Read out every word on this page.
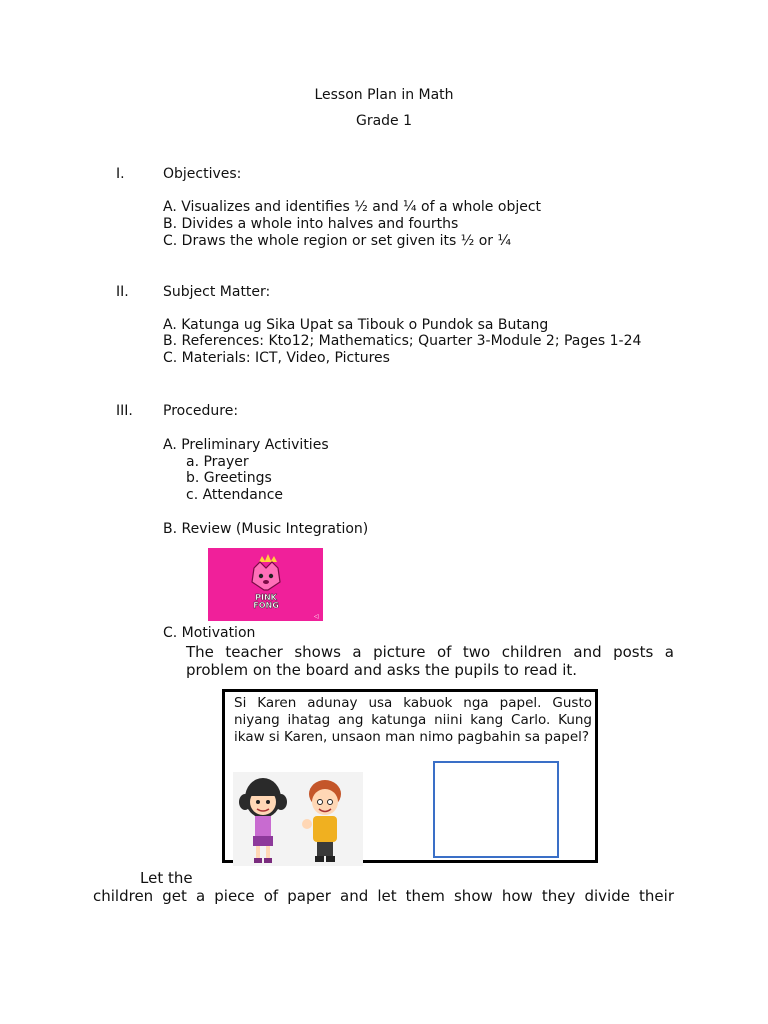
Lesson Plan in Math
Grade 1
I.	Objectives:
A. Visualizes and identifies ½ and ¼ of a whole object
B. Divides a whole into halves and fourths
C. Draws the whole region or set given its ½ or ¼
II. Subject Matter:
A. Katunga ug Sika Upat sa Tibouk o Pundok sa Butang
B. References: Kto12; Mathematics; Quarter 3-Module 2; Pages 1-24
C. Materials: ICT, Video, Pictures
III. Procedure:
A. Preliminary Activities
a. Prayer
b. Greetings
c. Attendance
B. Review (Music Integration)
PINK
FONG
◁
C. Motivation
The teacher shows a picture of two children and posts a
problem on the board and asks the pupils to read it.
Si Karen adunay usa kabuok nga papel. Gusto niyang ihatag ang katunga niini kang Carlo. Kung ikaw si Karen, unsaon man nimo pagbahin sa papel?
Let the
children get a piece of paper and let them show how they divide their
